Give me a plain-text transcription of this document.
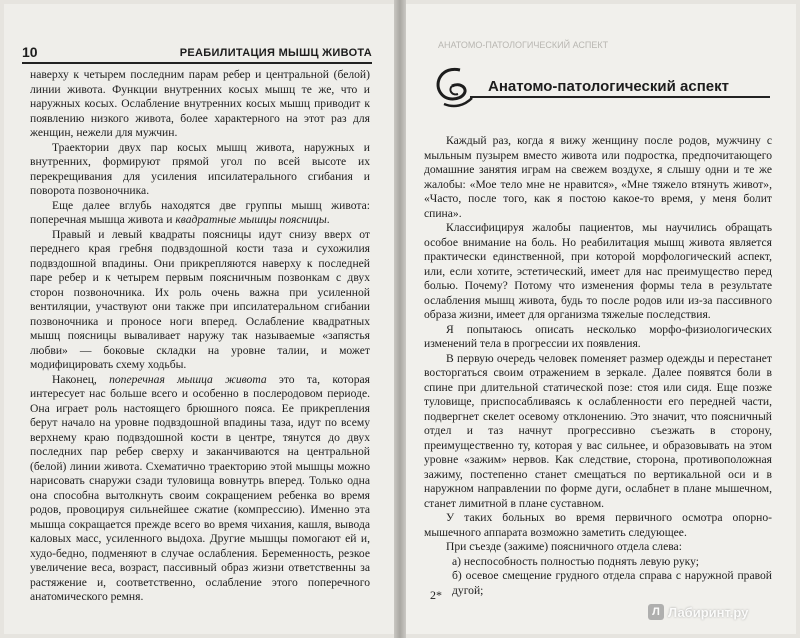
10	РЕАБИЛИТАЦИЯ МЫШЦ ЖИВОТА

наверху к четырем последним парам ребер и центральной (белой) линии живота. Функции внутренних косых мышц те же, что и наружных косых. Ослабление внутренних косых мышц приводит к появлению низкого живота, более характерного на этот раз для женщин, нежели для мужчин.

Траектории двух пар косых мышц живота, наружных и внутренних, формируют прямой угол по всей высоте их перекрещивания для усиления ипсилатерального сгибания и поворота позвоночника.

Еще далее вглубь находятся две группы мышц живота: поперечная мышца живота и квадратные мышцы поясницы.

Правый и левый квадраты поясницы идут снизу вверх от переднего края гребня подвздошной кости таза и сухожилия подвздошной впадины. Они прикрепляются наверху к последней паре ребер и к четырем первым поясничным позвонкам с двух сторон позвоночника. Их роль очень важна при усиленной вентиляции, участвуют они также при ипсилатеральном сгибании позвоночника и проносе ноги вперед. Ослабление квадратных мышц поясницы вываливает наружу так называемые «запястья любви» — боковые складки на уровне талии, и может модифицировать схему ходьбы.

Наконец, поперечная мышца живота это та, которая интересует нас больше всего и особенно в послеродовом периоде. Она играет роль настоящего брюшного пояса. Ее прикрепления берут начало на уровне подвздошной впадины таза, идут по всему верхнему краю подвздошной кости в центре, тянутся до двух последних пар ребер сверху и заканчиваются на центральной (белой) линии живота. Схематично траекторию этой мышцы можно нарисовать снаружи сзади туловища вовнутрь вперед. Только одна она способна вытолкнуть своим сокращением ребенка во время родов, провоцируя сильнейшее сжатие (компрессию). Именно эта мышца сокращается прежде всего во время чихания, кашля, вывода каловых масс, усиленного выдоха. Другие мышцы помогают ей и, худо-бедно, подменяют в случае ослабления. Беременность, резкое увеличение веса, возраст, пассивный образ жизни ответственны за растяжение и, соответственно, ослабление этого поперечного анатомического ремня.

АНАТОМО-ПАТОЛОГИЧЕСКИЙ АСПЕКТ
Анатомо-патологический аспект

Каждый раз, когда я вижу женщину после родов, мужчину с мыльным пузырем вместо живота или подростка, предпочитающего домашние занятия играм на свежем воздухе, я слышу одни и те же жалобы: «Мое тело мне не нравится», «Мне тяжело втянуть живот», «Часто, после того, как я постою какое-то время, у меня болит спина».

Классифицируя жалобы пациентов, мы научились обращать особое внимание на боль. Но реабилитация мышц живота является практически единственной, при которой морфологический аспект, или, если хотите, эстетический, имеет для нас преимущество перед болью. Почему? Потому что изменения формы тела в результате ослабления мышц живота, будь то после родов или из-за пассивного образа жизни, имеет для организма тяжелые последствия.

Я попытаюсь описать несколько морфо-физиологических изменений тела в прогрессии их появления.

В первую очередь человек поменяет размер одежды и перестанет восторгаться своим отражением в зеркале. Далее появятся боли в спине при длительной статической позе: стоя или сидя. Еще позже туловище, приспосабливаясь к ослабленности его передней части, подвергнет скелет осевому отклонению. Это значит, что поясничный отдел и таз начнут прогрессивно съезжать в сторону, преимущественно ту, которая у вас сильнее, и образовывать на этом уровне «зажим» нервов. Как следствие, сторона, противоположная зажиму, постепенно станет смещаться по вертикальной оси и в наружном направлении по форме дуги, ослабнет в плане мышечном, станет лимитной в плане суставном.

У таких больных во время первичного осмотра опорно-мышечного аппарата возможно заметить следующее.

При съезде (зажиме) поясничного отдела слева:

а) неспособность полностью поднять левую руку;

б) осевое смещение грудного отдела справа с наружной правой дугой;

2*
Л Лабиринт.ру
